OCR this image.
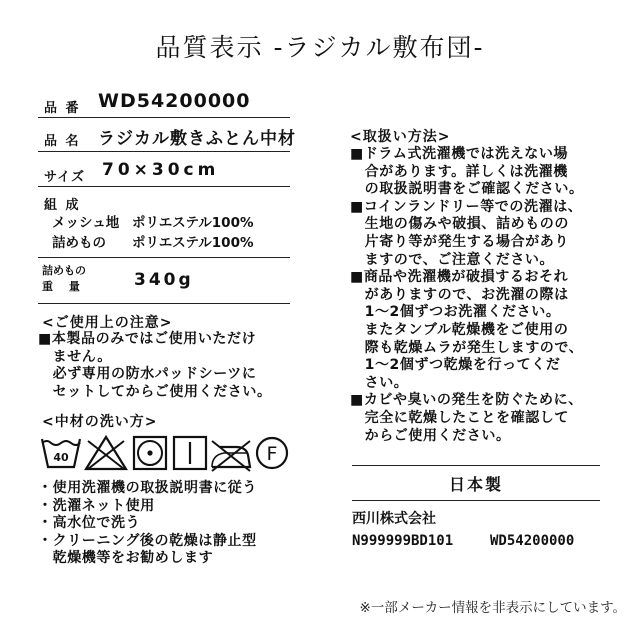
品質表示 -ラジカル敷布団-
品 番 WD54200000
品 名 ラジカル敷きふとん中材
サイズ 70×30cm
組 成
メッシュ地 ポリエステル100%
詰めもの ポリエステル100%
詰めもの
重 量	340g
<ご使用上の注意>
■本製品のみではご使用いただけ
　ません。
　必ず専用の防水パッドシーツに
　セットしてからご使用ください。
<中材の洗い方>
40	F
・使用洗濯機の取扱説明書に従う
・洗濯ネット使用
・高水位で洗う
・クリーニング後の乾燥は静止型
　乾燥機等をお勧めします
<取扱い方法>
■ドラム式洗濯機では洗えない場
　合があります。詳しくは洗濯機
　の取扱説明書をご確認ください。
■コインランドリー等での洗濯は、
　生地の傷みや破損、詰めものの
　片寄り等が発生する場合があり
　ますので、ご注意ください。
■商品や洗濯機が破損するおそれ
　がありますので、お洗濯の際は
　1～2個ずつお洗濯ください。
　またタンブル乾燥機をご使用の
　際も乾燥ムラが発生しますので、
　1～2個ずつ乾燥を行ってくだ
　さい。
■カビや臭いの発生を防ぐために、
　完全に乾燥したことを確認して
　からご使用ください。
日本製
西川株式会社
N999999BD101	WD54200000
※一部メーカー情報を非表示にしています。
